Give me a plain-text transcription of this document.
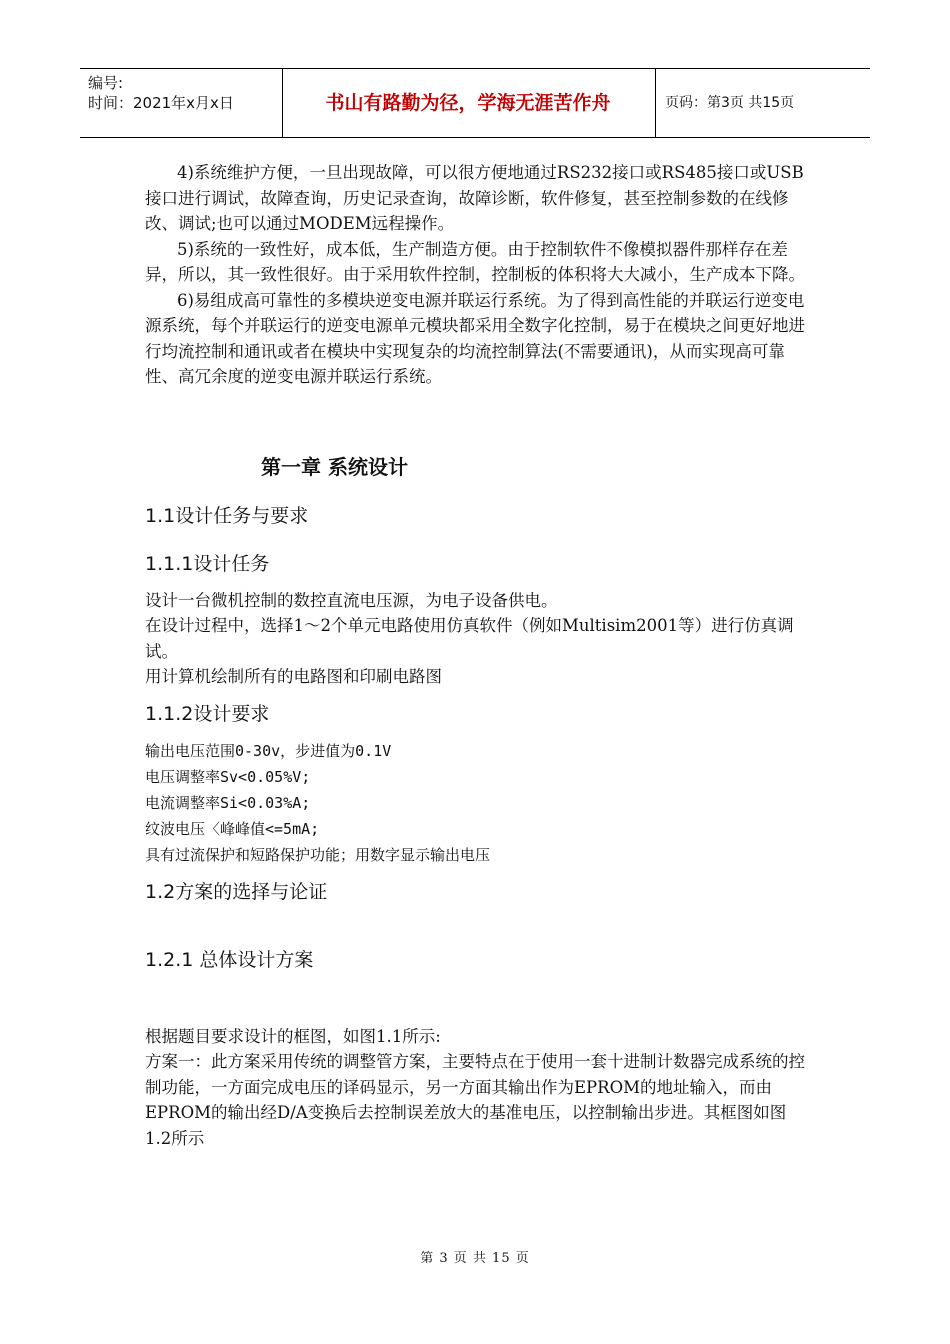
编号:
时间：2021年x月x日	书山有路勤为径，学海无涯苦作舟	页码：第3页 共15页

4)系统维护方便，一旦出现故障，可以很方便地通过RS232接口或RS485接口或USB接口进行调试，故障查询，历史记录查询，故障诊断，软件修复，甚至控制参数的在线修改、调试;也可以通过MODEM远程操作。

5)系统的一致性好，成本低，生产制造方便。由于控制软件不像模拟器件那样存在差异，所以，其一致性很好。由于采用软件控制，控制板的体积将大大减小，生产成本下降。

6)易组成高可靠性的多模块逆变电源并联运行系统。为了得到高性能的并联运行逆变电源系统，每个并联运行的逆变电源单元模块都采用全数字化控制，易于在模块之间更好地进行均流控制和通讯或者在模块中实现复杂的均流控制算法(不需要通讯)，从而实现高可靠性、高冗余度的逆变电源并联运行系统。

第一章 系统设计
1.1设计任务与要求
1.1.1设计任务

设计一台微机控制的数控直流电压源，为电子设备供电。

在设计过程中，选择1～2个单元电路使用仿真软件（例如Multisim2001等）进行仿真调试。

用计算机绘制所有的电路图和印刷电路图

1.1.2设计要求

输出电压范围0-30v，步进值为0.1V

电压调整率Sv<0.05%V;

电流调整率Si<0.03%A;

纹波电压〈峰峰值<=5mA;

具有过流保护和短路保护功能；用数字显示输出电压

1.2方案的选择与论证
1.2.1 总体设计方案

根据题目要求设计的框图，如图1.1所示:

方案一：此方案采用传统的调整管方案，主要特点在于使用一套十进制计数器完成系统的控制功能，一方面完成电压的译码显示，另一方面其输出作为EPROM的地址输入，而由EPROM的输出经D/A变换后去控制误差放大的基准电压，以控制输出步进。其框图如图1.2所示

第 3 页 共 15 页
